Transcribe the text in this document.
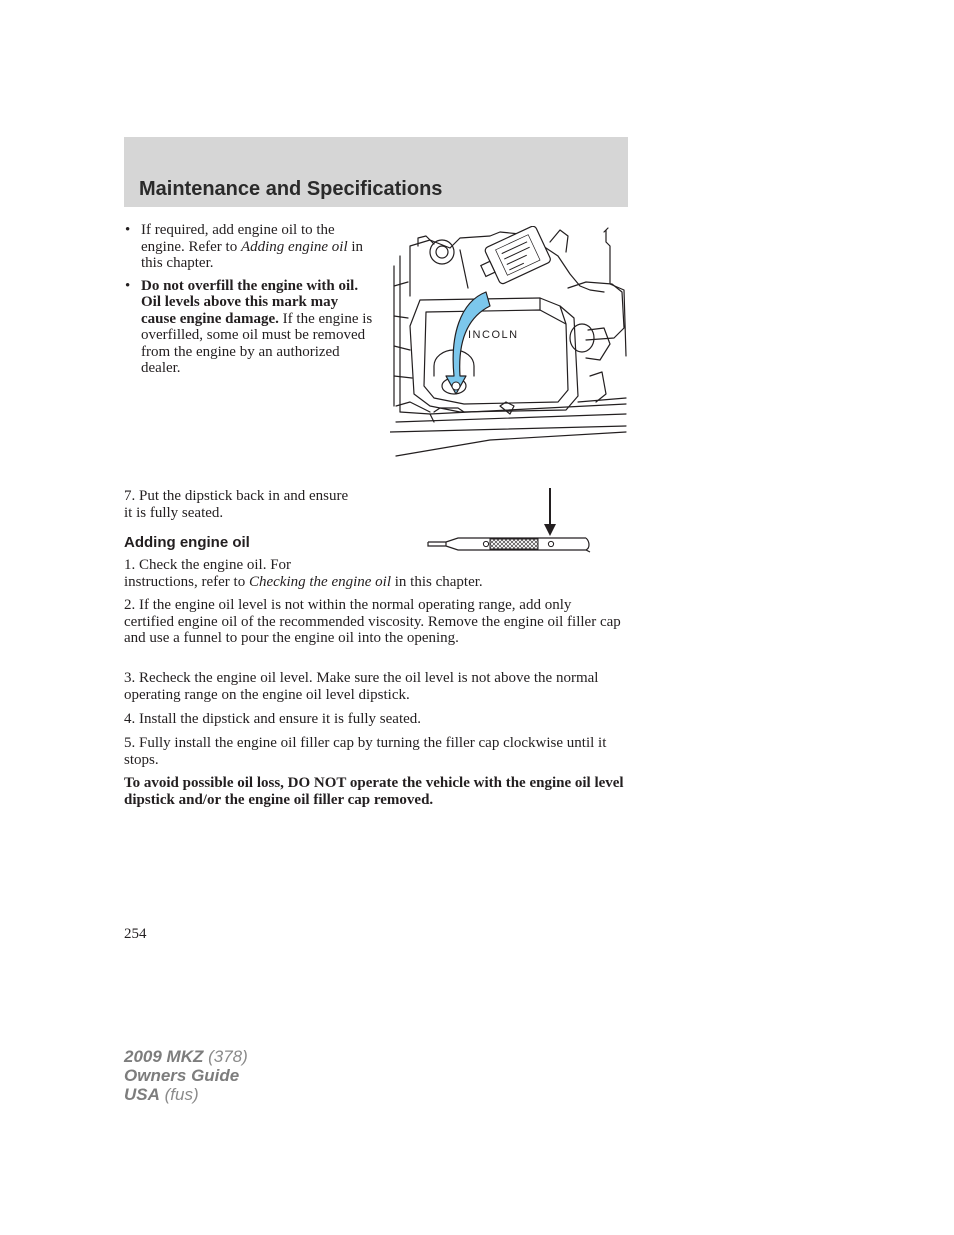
Maintenance and Specifications
• If required, add engine oil to the engine. Refer to Adding engine oil in this chapter.
• Do not overfill the engine with oil. Oil levels above this mark may cause engine damage. If the engine is overfilled, some oil must be removed from the engine by an authorized dealer.
INCOLN
7. Put the dipstick back in and ensure it is fully seated.
Adding engine oil
1. Check the engine oil. For
instructions, refer to Checking the engine oil in this chapter.
2. If the engine oil level is not within the normal operating range, add only certified engine oil of the recommended viscosity. Remove the engine oil filler cap and use a funnel to pour the engine oil into the opening.
3. Recheck the engine oil level. Make sure the oil level is not above the normal operating range on the engine oil level dipstick.
4. Install the dipstick and ensure it is fully seated.
5. Fully install the engine oil filler cap by turning the filler cap clockwise until it stops.
To avoid possible oil loss, DO NOT operate the vehicle with the engine oil level dipstick and/or the engine oil filler cap removed.
254
2009 MKZ (378)
Owners Guide
USA (fus)
